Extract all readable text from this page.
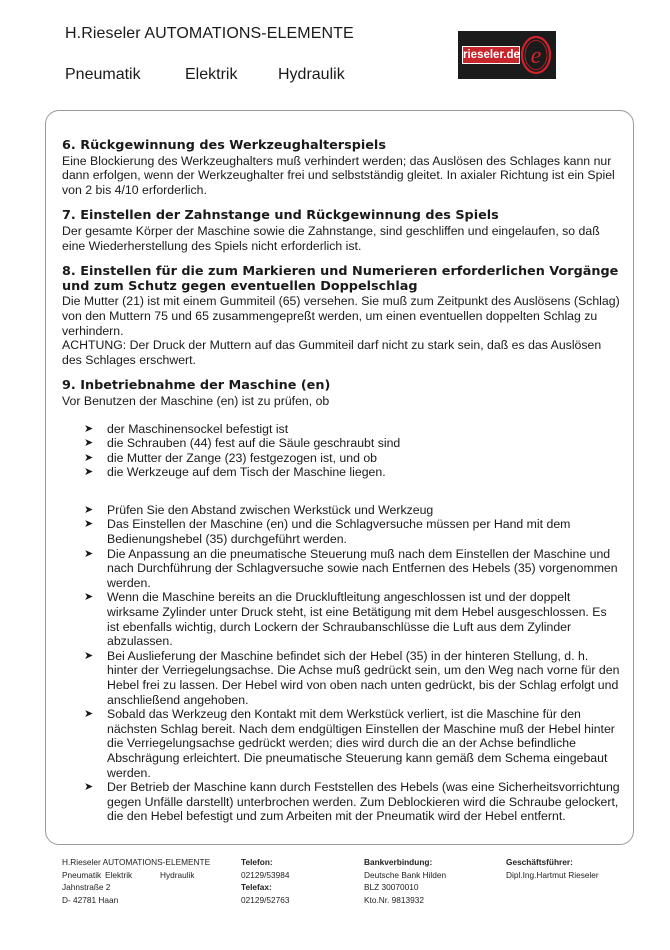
H.Rieseler AUTOMATIONS-ELEMENTE
Pneumatik	Elektrik	Hydraulik
rieseler.de e
6. Rückgewinnung des Werkzeughalterspiels

Eine Blockierung des Werkzeughalters muß verhindert werden; das Auslösen des Schlages kann nur dann erfolgen, wenn der Werkzeughalter frei und selbstständig gleitet. In axialer Richtung ist ein Spiel von 2 bis 4/10 erforderlich.

7. Einstellen der Zahnstange und Rückgewinnung des Spiels

Der gesamte Körper der Maschine sowie die Zahnstange, sind geschliffen und eingelaufen, so daß eine Wiederherstellung des Spiels nicht erforderlich ist.

8. Einstellen für die zum Markieren und Numerieren erforderlichen Vorgänge und zum Schutz gegen eventuellen Doppelschlag

Die Mutter (21) ist mit einem Gummiteil (65) versehen. Sie muß zum Zeitpunkt des Auslösens (Schlag) von den Muttern 75 und 65 zusammengepreßt werden, um einen eventuellen doppelten Schlag zu verhindern.

ACHTUNG: Der Druck der Muttern auf das Gummiteil darf nicht zu stark sein, daß es das Auslösen des Schlages erschwert.

9. Inbetriebnahme der Maschine (en)

Vor Benutzen der Maschine (en) ist zu prüfen, ob

➤	der Maschinensockel befestigt ist
➤	die Schrauben (44) fest auf die Säule geschraubt sind
➤	die Mutter der Zange (23) festgezogen ist, und ob
➤	die Werkzeuge auf dem Tisch der Maschine liegen.
➤	Prüfen Sie den Abstand zwischen Werkstück und Werkzeug
➤	Das Einstellen der Maschine (en) und die Schlagversuche müssen per Hand mit dem Bedienungshebel (35) durchgeführt werden.
➤	Die Anpassung an die pneumatische Steuerung muß nach dem Einstellen der Maschine und nach Durchführung der Schlagversuche sowie nach Entfernen des Hebels (35) vorgenommen werden.
➤	Wenn die Maschine bereits an die Druckluftleitung angeschlossen ist und der doppelt wirksame Zylinder unter Druck steht, ist eine Betätigung mit dem Hebel ausgeschlossen. Es ist ebenfalls wichtig, durch Lockern der Schraubanschlüsse die Luft aus dem Zylinder abzulassen.
➤	Bei Auslieferung der Maschine befindet sich der Hebel (35) in der hinteren Stellung, d. h. hinter der Verriegelungsachse. Die Achse muß gedrückt sein, um den Weg nach vorne für den Hebel frei zu lassen. Der Hebel wird von oben nach unten gedrückt, bis der Schlag erfolgt und anschließend angehoben.
➤	Sobald das Werkzeug den Kontakt mit dem Werkstück verliert, ist die Maschine für den nächsten Schlag bereit. Nach dem endgültigen Einstellen der Maschine muß der Hebel hinter die Verriegelungsachse gedrückt werden; dies wird durch die an der Achse befindliche Abschrägung erleichtert. Die pneumatische Steuerung kann gemäß dem Schema eingebaut werden.
➤	Der Betrieb der Maschine kann durch Feststellen des Hebels (was eine Sicherheitsvorrichtung gegen Unfälle darstellt) unterbrochen werden. Zum Deblockieren wird die Schraube gelockert, die den Hebel befestigt und zum Arbeiten mit der Pneumatik wird der Hebel entfernt.
H.Rieseler AUTOMATIONS-ELEMENTE
Pneumatik Elektrik	Hydraulik
Jahnstraße 2
D- 42781 Haan
Telefon:
02129/53984
Telefax:
02129/52763
Bankverbindung:
Deutsche Bank Hilden
BLZ 30070010
Kto.Nr. 9813932
Geschäftsführer:
Dipl.Ing.Hartmut Rieseler
